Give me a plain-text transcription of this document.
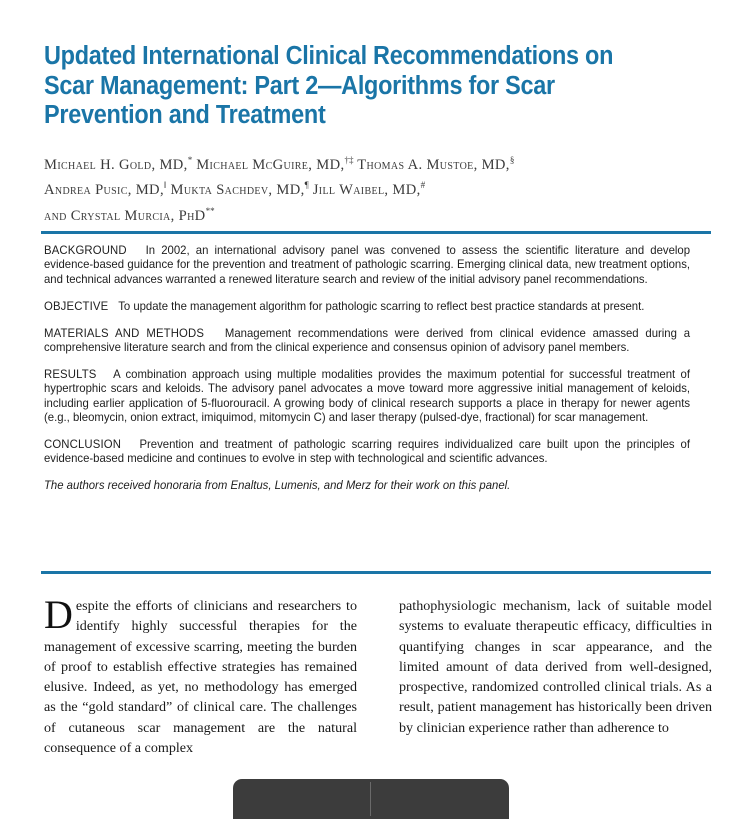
Updated International Clinical Recommendations on Scar Management: Part 2—Algorithms for Scar Prevention and Treatment
Michael H. Gold, MD,* Michael McGuire, MD,†‡ Thomas A. Mustoe, MD,§
Andrea Pusic, MD,‖ Mukta Sachdev, MD,¶ Jill Waibel, MD,#
and Crystal Murcia, PhD**

BACKGROUND In 2002, an international advisory panel was convened to assess the scientific literature and develop evidence-based guidance for the prevention and treatment of pathologic scarring. Emerging clinical data, new treatment options, and technical advances warranted a renewed literature search and review of the initial advisory panel recommendations.

OBJECTIVE To update the management algorithm for pathologic scarring to reflect best practice standards at present.

MATERIALS AND METHODS Management recommendations were derived from clinical evidence amassed during a comprehensive literature search and from the clinical experience and consensus opinion of advisory panel members.

RESULTS A combination approach using multiple modalities provides the maximum potential for successful treatment of hypertrophic scars and keloids. The advisory panel advocates a move toward more aggressive initial management of keloids, including earlier application of 5-fluorouracil. A growing body of clinical research supports a place in therapy for newer agents (e.g., bleomycin, onion extract, imiquimod, mitomycin C) and laser therapy (pulsed-dye, fractional) for scar management.

CONCLUSION Prevention and treatment of pathologic scarring requires individualized care built upon the principles of evidence-based medicine and continues to evolve in step with technological and scientific advances.

The authors received honoraria from Enaltus, Lumenis, and Merz for their work on this panel.

Despite the efforts of clinicians and researchers to identify highly successful therapies for the management of excessive scarring, meeting the burden of proof to establish effective strategies has remained elusive. Indeed, as yet, no methodology has emerged as the “gold standard” of clinical care. The challenges of cutaneous scar management are the natural consequence of a complex

pathophysiologic mechanism, lack of suitable model systems to evaluate therapeutic efficacy, difficulties in quantifying changes in scar appearance, and the limited amount of data derived from well-designed, prospective, randomized controlled clinical trials. As a result, patient management has historically been driven by clinician experience rather than adherence to
